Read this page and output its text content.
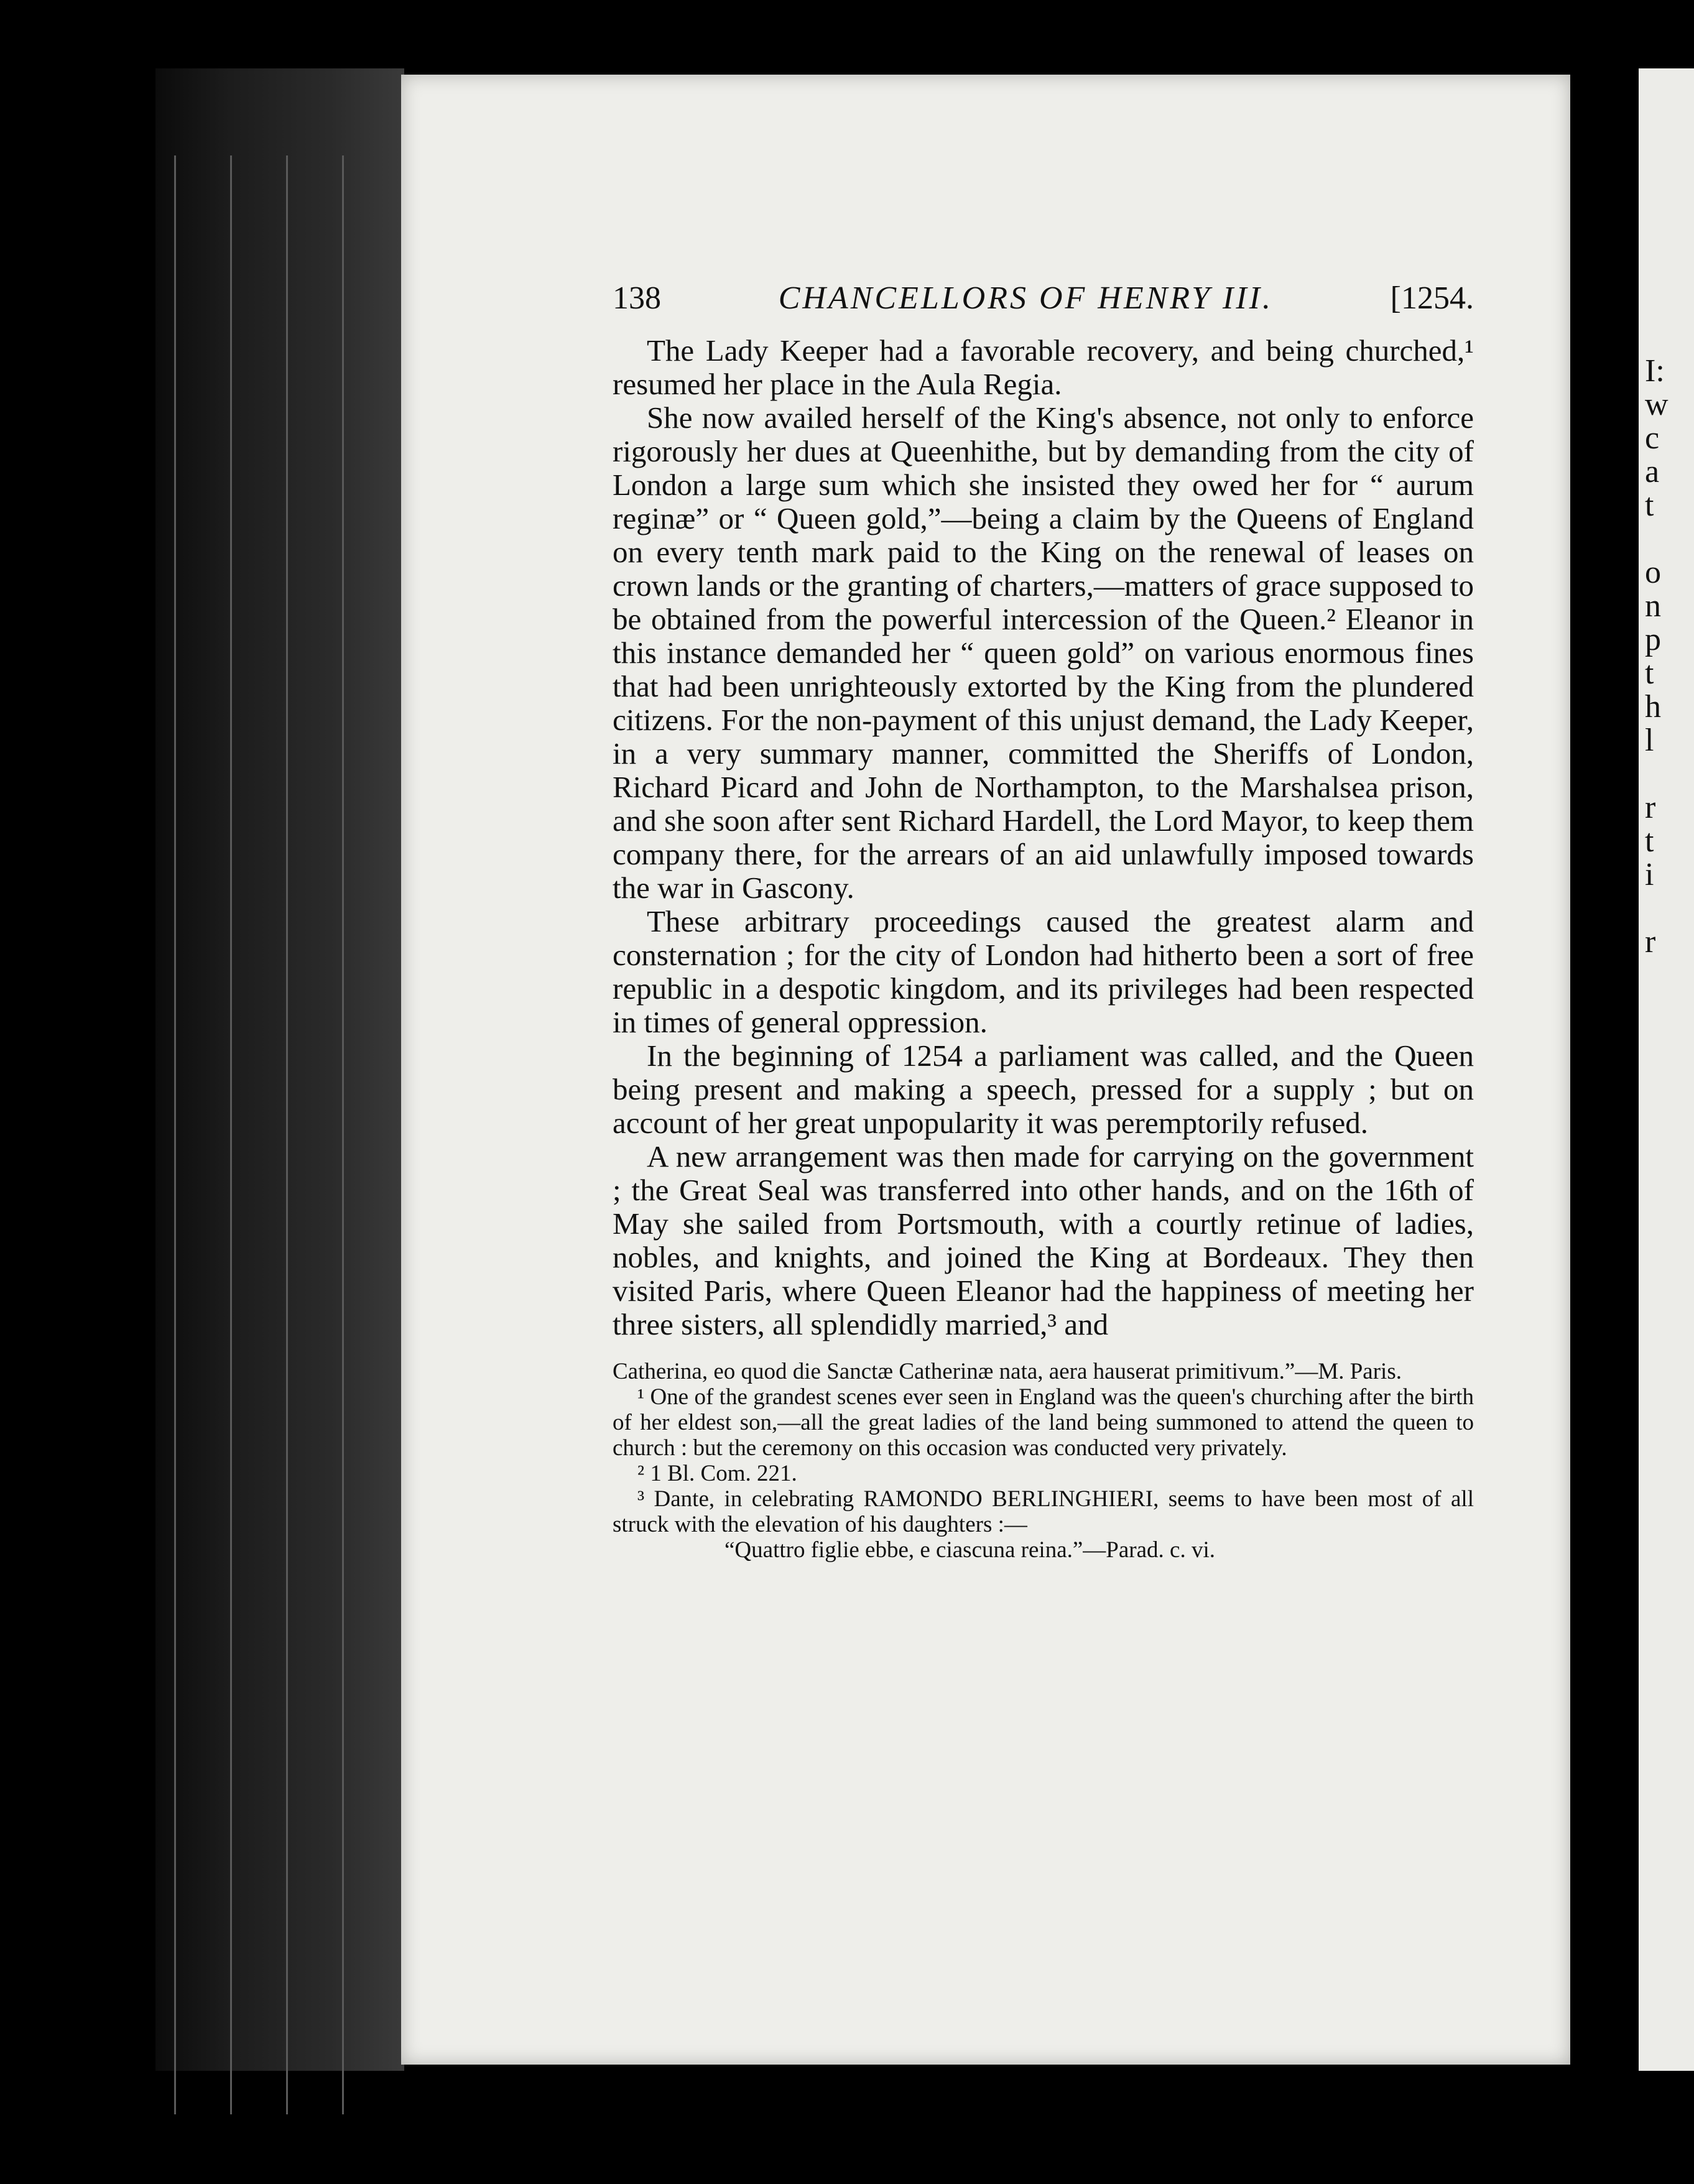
138	CHANCELLORS OF HENRY III.	[1254.

The Lady Keeper had a favorable recovery, and being churched,¹ resumed her place in the Aula Regia.

She now availed herself of the King's absence, not only to enforce rigorously her dues at Queenhithe, but by demanding from the city of London a large sum which she insisted they owed her for “ aurum reginæ” or “ Queen gold,”—being a claim by the Queens of England on every tenth mark paid to the King on the renewal of leases on crown lands or the granting of charters,—matters of grace supposed to be obtained from the powerful intercession of the Queen.² Eleanor in this instance demanded her “ queen gold” on various enormous fines that had been unrighteously extorted by the King from the plundered citizens. For the non-payment of this unjust demand, the Lady Keeper, in a very summary manner, committed the Sheriffs of London, Richard Picard and John de Northampton, to the Marshalsea prison, and she soon after sent Richard Hardell, the Lord Mayor, to keep them company there, for the arrears of an aid unlawfully imposed towards the war in Gascony.

These arbitrary proceedings caused the greatest alarm and consternation ; for the city of London had hitherto been a sort of free republic in a despotic kingdom, and its privileges had been respected in times of general oppression.

In the beginning of 1254 a parliament was called, and the Queen being present and making a speech, pressed for a supply ; but on account of her great unpopularity it was peremptorily refused.

A new arrangement was then made for carrying on the government ; the Great Seal was transferred into other hands, and on the 16th of May she sailed from Portsmouth, with a courtly retinue of ladies, nobles, and knights, and joined the King at Bordeaux. They then visited Paris, where Queen Eleanor had the happiness of meeting her three sisters, all splendidly married,³ and

Catherina, eo quod die Sanctæ Catherinæ nata, aera hauserat primitivum.”—M. Paris.

¹ One of the grandest scenes ever seen in England was the queen's churching after the birth of her eldest son,—all the great ladies of the land being summoned to attend the queen to church : but the ceremony on this occasion was conducted very privately.

² 1 Bl. Com. 221.

³ Dante, in celebrating RAMONDO BERLINGHIERI, seems to have been most of all struck with the elevation of his daughters :—

“Quattro figlie ebbe, e ciascuna reina.”—Parad. c. vi.

I:
w
c
a
t
o
n
p
t
h
l
r
t
i
r
